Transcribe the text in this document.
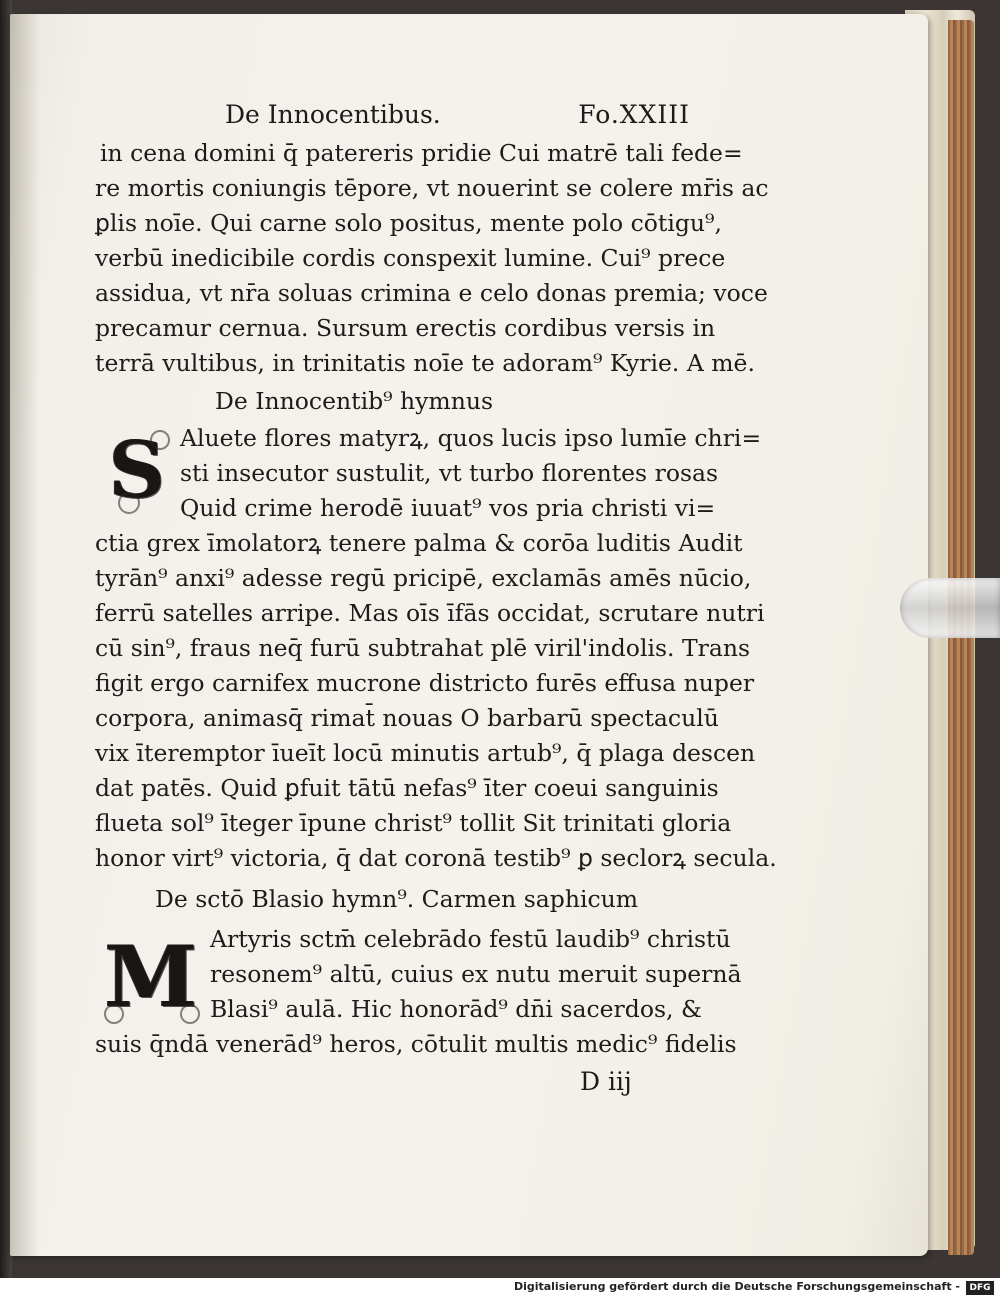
De Innocentibus.	Fo.XXIII
in cena domini q̄ patereris pridie Cui matrē tali fede=
re mortis coniungis tēpore, vt nouerint se colere mr̄is ac
ꝑlis noīe. Qui carne solo positus, mente polo cōtigu⁹,
verbū inedicibile cordis conspexit lumine. Cui⁹ prece
assidua, vt nr̄a soluas crimina e celo donas premia; voce
precamur cernua. Sursum erectis cordibus versis in
terrā vultibus, in trinitatis noīe te adoram⁹ Kyrie. A mē.
De Innocentib⁹ hymnus
S Aluete flores matyrꝝ, quos lucis ipso lumīe chri=
sti insecutor sustulit, vt turbo florentes rosas
Quid crime herodē iuuat⁹ vos pria christi vi=
ctia grex īmolatorꝝ tenere palma & corōa luditis Audit
tyrān⁹ anxi⁹ adesse regū pricipē, exclamās amēs nūcio,
ferrū satelles arripe. Mas oīs īfās occidat, scrutare nutri
cū sin⁹, fraus neq̄ furū subtrahat plē viril'indolis. Trans
figit ergo carnifex mucrone districto furēs effusa nuper
corpora, animasq̄ rimat̄ nouas O barbarū spectaculū
vix īteremptor īueīt locū minutis artub⁹, q̄ plaga descen
dat patēs. Quid ꝑfuit tātū nefas⁹ īter coeui sanguinis
flueta sol⁹ īteger īpune christ⁹ tollit Sit trinitati gloria
honor virt⁹ victoria, q̄ dat coronā testib⁹ ꝑ seclorꝝ secula.
De sctō Blasio hymn⁹. Carmen saphicum
M Artyris sctm̄ celebrādo festū laudib⁹ christū
resonem⁹ altū, cuius ex nutu meruit supernā
Blasi⁹ aulā. Hic honorād⁹ dn̄i sacerdos, &
suis q̄ndā venerād⁹ heros, cōtulit multis medic⁹ fidelis
D iij
Digitalisierung gefördert durch die Deutsche Forschungsgemeinschaft -	DFG
